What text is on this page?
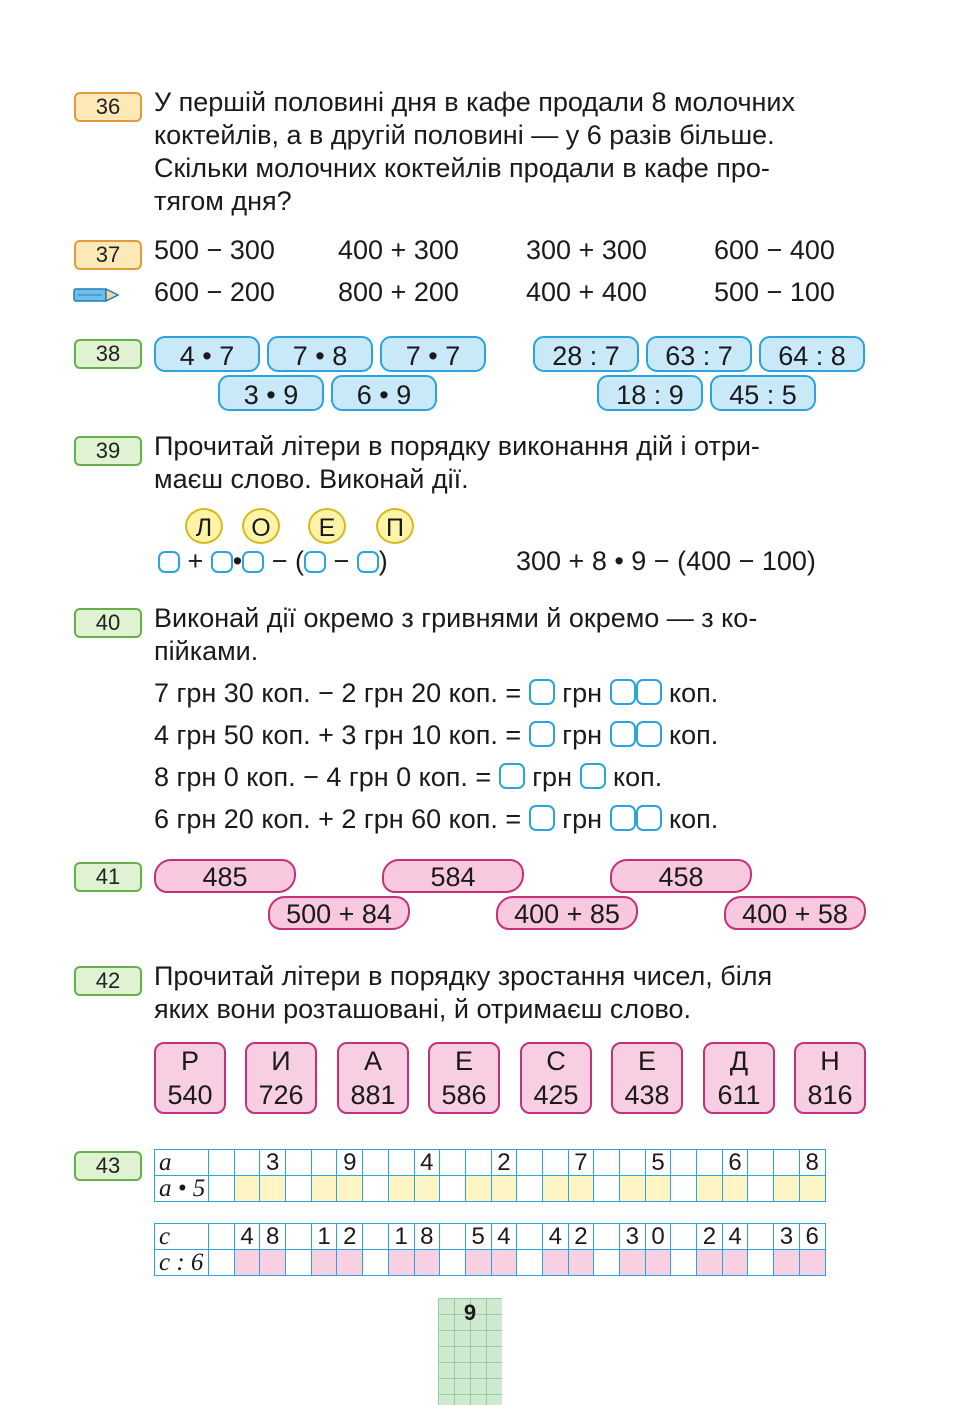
36	У першій половині дня в кафе продали 8 молочних
коктейлів, а в другій половині — у 6 разів більше.
Скільки молочних коктейлів продали в кафе про-
тягом дня?
37	500 − 300 400 + 300 300 + 300 600 − 400
600 − 200 800 + 200 400 + 400 500 − 100
38	4 • 7	7 • 8	7 • 7
3 • 9	6 • 9
28 : 7	63 : 7	64 : 8
18 : 9	45 : 5
39	Прочитай літери в порядку виконання дій і отри-
маєш слово. Виконай дії.
Л	О	Е	П
+ • − ( − )	300 + 8 • 9 − (400 − 100)
40	Виконай дії окремо з гривнями й окремо — з ко-
пійками.
7 грн 30 коп. − 2 грн 20 коп. = грн коп.
4 грн 50 коп. + 3 грн 10 коп. = грн коп.
8 грн 0 коп. − 4 грн 0 коп. = грн коп.
6 грн 20 коп. + 2 грн 60 коп. = грн коп.
41	485	584	458
500 + 84	400 + 85	400 + 58
42	Прочитай літери в порядку зростання чисел, біля
яких вони розташовані, й отримаєш слово.
Р
540
И
726
А
881
Е
586
С
425
Е
438
Д
611
Н
816
43	a			3			9			4			2			7			5			6			8
a • 5																								
c		4	8		1	2		1	8		5	4		4	2		3	0		2	4		3	6
c : 6																								
9
